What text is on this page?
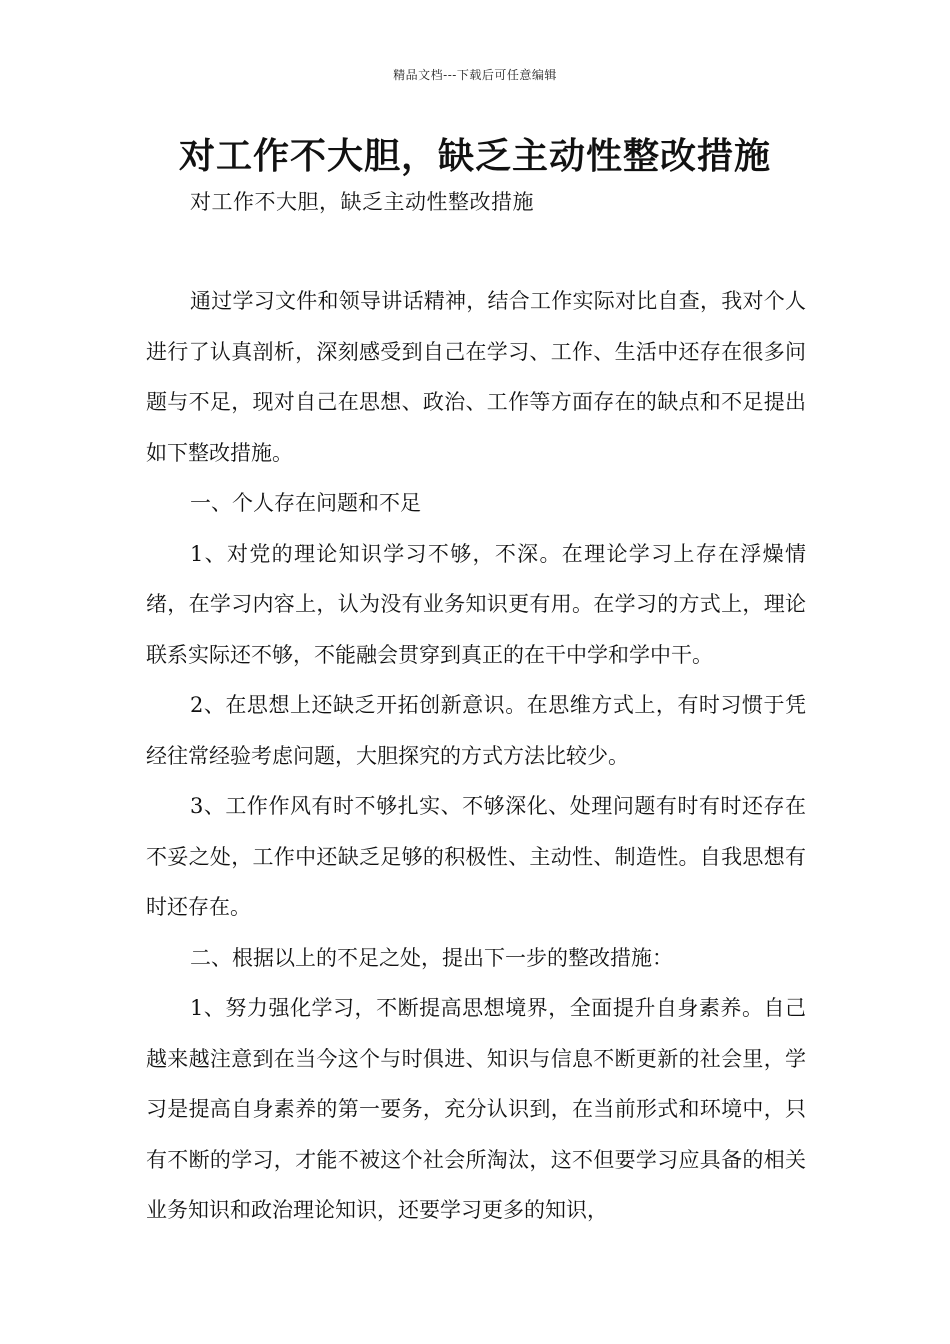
精品文档---下载后可任意编辑
对工作不大胆，缺乏主动性整改措施
对工作不大胆，缺乏主动性整改措施

通过学习文件和领导讲话精神，结合工作实际对比自查，我对个人进行了认真剖析，深刻感受到自己在学习、工作、生活中还存在很多问题与不足，现对自己在思想、政治、工作等方面存在的缺点和不足提出如下整改措施。

一、个人存在问题和不足

1、对党的理论知识学习不够，不深。在理论学习上存在浮燥情绪，在学习内容上，认为没有业务知识更有用。在学习的方式上，理论联系实际还不够，不能融会贯穿到真正的在干中学和学中干。

2、在思想上还缺乏开拓创新意识。在思维方式上，有时习惯于凭经往常经验考虑问题，大胆探究的方式方法比较少。

3、工作作风有时不够扎实、不够深化、处理问题有时有时还存在不妥之处，工作中还缺乏足够的积极性、主动性、制造性。自我思想有时还存在。

二、根据以上的不足之处，提出下一步的整改措施：

1、努力强化学习，不断提高思想境界，全面提升自身素养。自己越来越注意到在当今这个与时俱进、知识与信息不断更新的社会里，学习是提高自身素养的第一要务，充分认识到，在当前形式和环境中，只有不断的学习，才能不被这个社会所淘汰，这不但要学习应具备的相关业务知识和政治理论知识，还要学习更多的知识，
